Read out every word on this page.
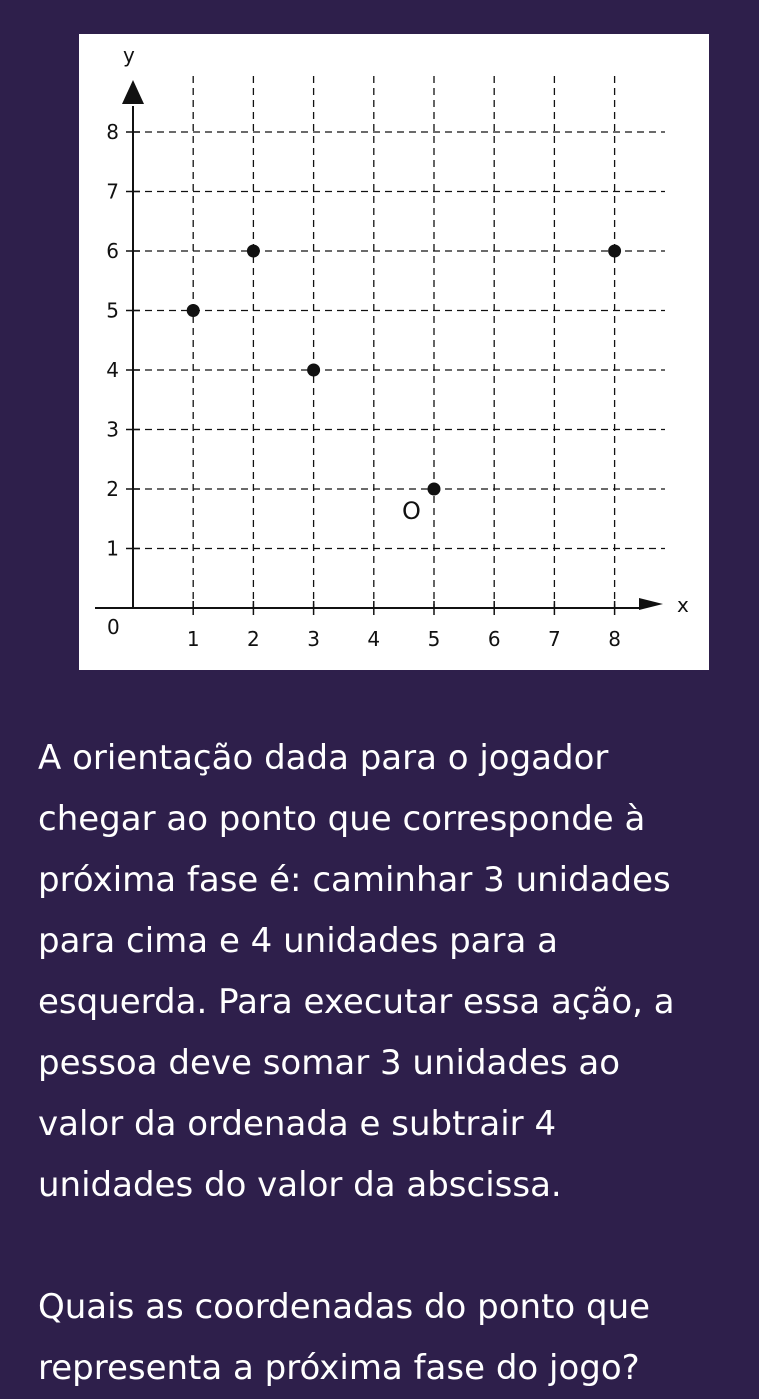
x
y
0	1 2 3 4 5 6 7 8
1
2
3
4
5
6
7
8
O
A orientação dada para o jogador
chegar ao ponto que corresponde à
próxima fase é: caminhar 3 unidades
para cima e 4 unidades para a
esquerda. Para executar essa ação, a
pessoa deve somar 3 unidades ao
valor da ordenada e subtrair 4
unidades do valor da abscissa.
Quais as coordenadas do ponto que
representa a próxima fase do jogo?
